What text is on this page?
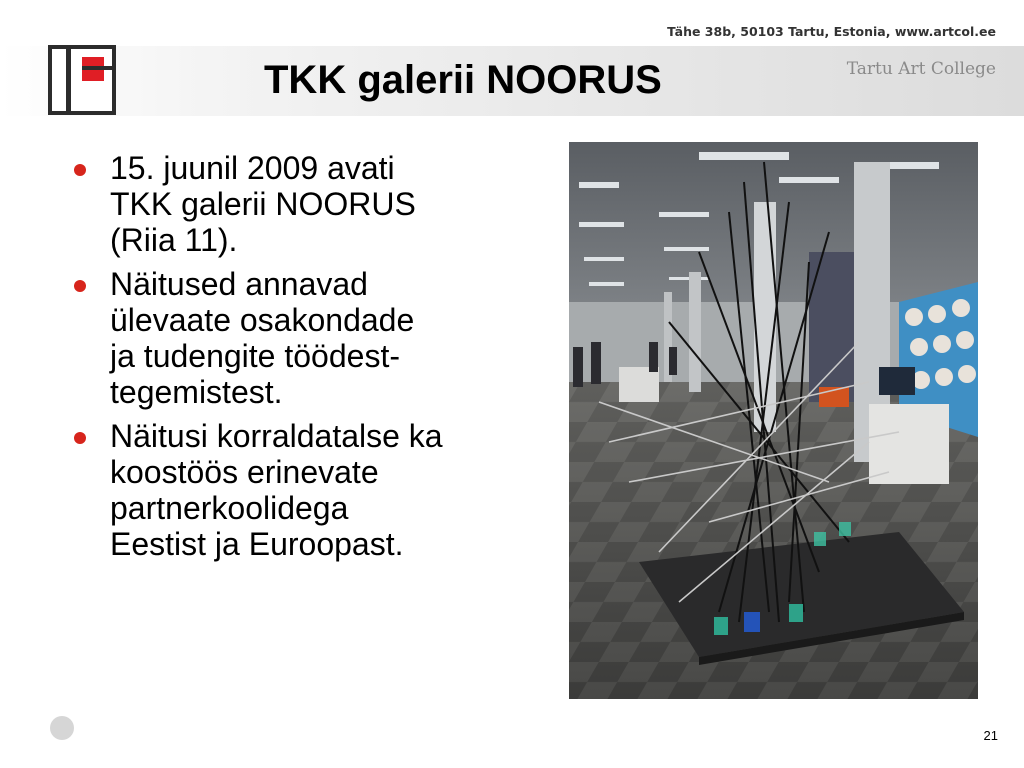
Tähe 38b, 50103 Tartu, Estonia, www.artcol.ee
Tartu Art College
TKK galerii NOORUS
15. juunil 2009 avati
TKK galerii NOORUS
(Riia 11).
Näitused annavad
ülevaate osakondade
ja tudengite töödest-
tegemistest.
Näitusi korraldatalse ka
koostöös erinevate
partnerkoolidega
Eestist ja Euroopast.
21
